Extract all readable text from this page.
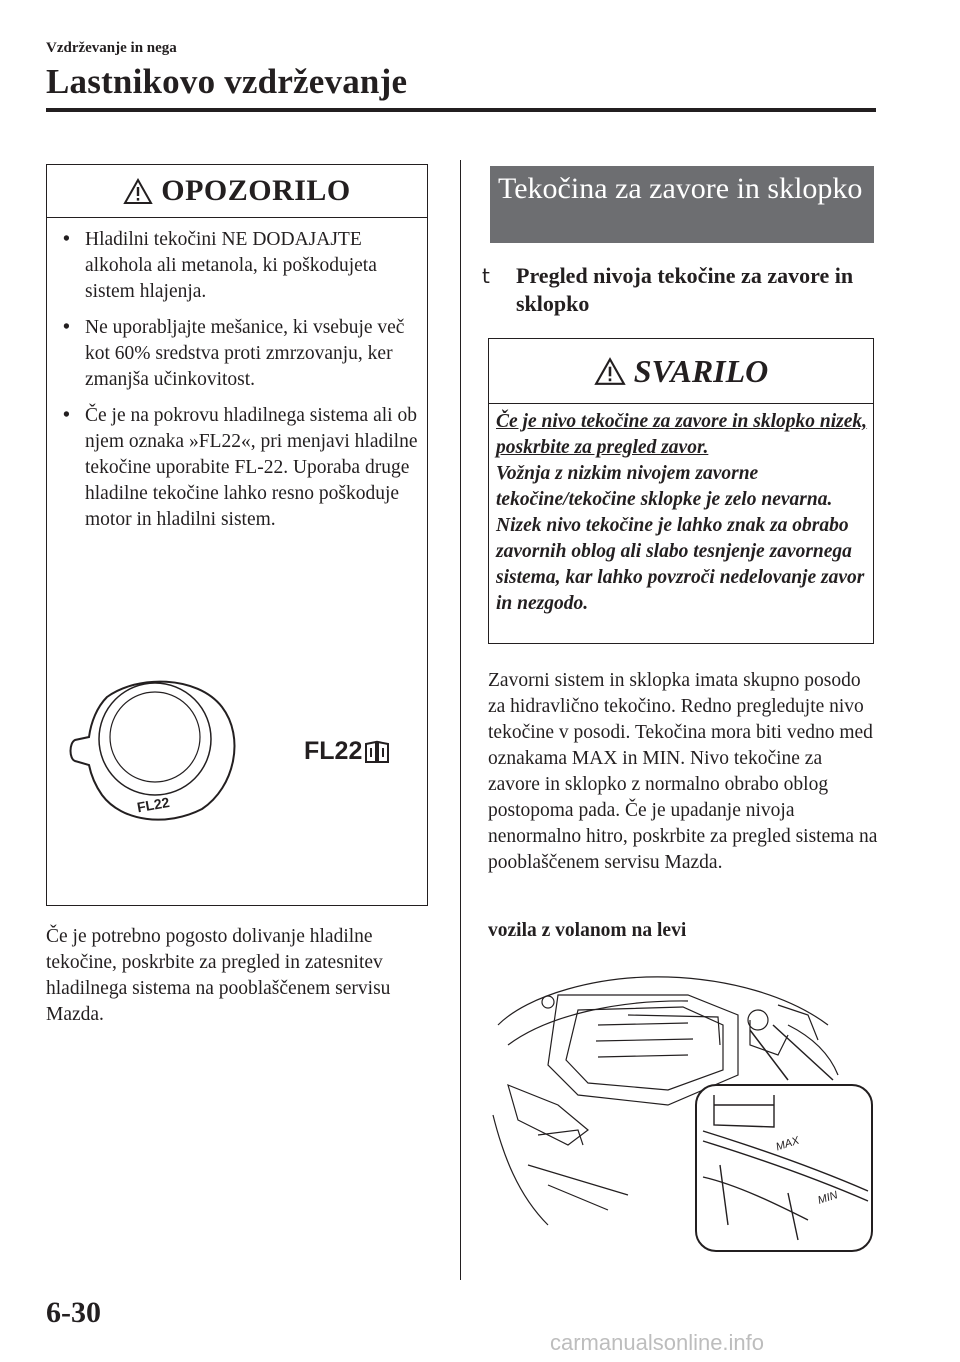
Vzdrževanje in nega
Lastnikovo vzdrževanje
OPOZORILO
• Hladilni tekočini NE DODAJAJTE alkohola ali metanola, ki poškodujeta sistem hlajenja.
• Ne uporabljajte mešanice, ki vsebuje več kot 60% sredstva proti zmrzovanju, ker zmanjša učinkovitost.
• Če je na pokrovu hladilnega sistema ali ob njem oznaka »FL22«, pri menjavi hladilne tekočine uporabite FL-22. Uporaba druge hladilne tekočine lahko resno poškoduje motor in hladilni sistem.
FL22
FL22
Če je potrebno pogosto dolivanje hladilne tekočine, poskrbite za pregled in zatesnitev hladilnega sistema na pooblaščenem servisu Mazda.
Tekočina za zavore in sklopko
t Pregled nivoja tekočine za zavore in sklopko
SVARILO
Če je nivo tekočine za zavore in sklopko nizek, poskrbite za pregled zavor.
Vožnja z nizkim nivojem zavorne tekočine/tekočine sklopke je zelo nevarna. Nizek nivo tekočine je lahko znak za obrabo zavornih oblog ali slabo tesnjenje zavornega sistema, kar lahko povzroči nedelovanje zavor in nezgodo.
Zavorni sistem in sklopka imata skupno posodo za hidravlično tekočino. Redno pregledujte nivo tekočine v posodi. Tekočina mora biti vedno med oznakama MAX in MIN. Nivo tekočine za zavore in sklopko z normalno obrabo oblog postopoma pada. Če je upadanje nivoja nenormalno hitro, poskrbite za pregled sistema na pooblaščenem servisu Mazda.
vozila z volanom na levi
MAX
MIN
6-30
carmanualsonline.info
